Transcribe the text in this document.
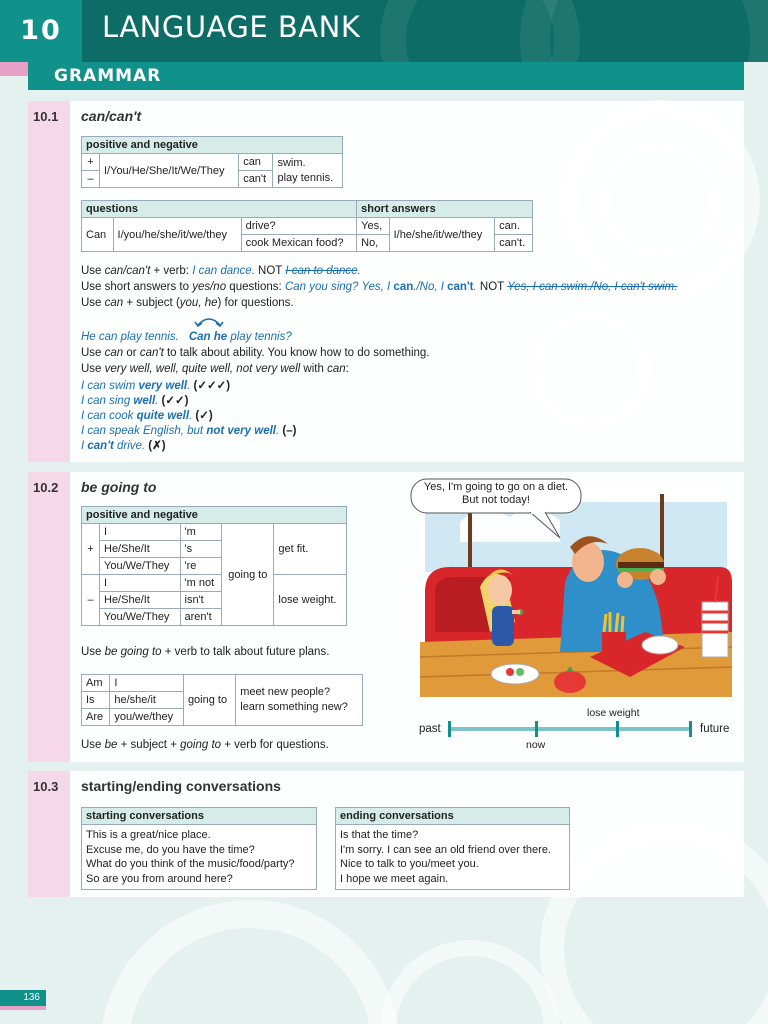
10	LANGUAGE BANK
GRAMMAR
10.1 can/can't
positive and negative			
+	I/You/He/She/It/We/They	can	swim.
play tennis.
–		can't	
questions			short answers		
Can	I/you/he/she/it/we/they	drive?	Yes,	I/he/she/it/we/they	can.
		cook Mexican food?	No,		can't.
Use can/can't + verb: I can dance. NOT I can to dance.
Use short answers to yes/no questions: Can you sing? Yes, I can./No, I can't. NOT Yes, I can swim./No, I can't swim.
Use can + subject (you, he) for questions.
He can play tennis. Can he play tennis?
Use can or can't to talk about ability. You know how to do something.
Use very well, well, quite well, not very well with can:
I can swim very well. (✓✓✓)
I can sing well. (✓✓)
I can cook quite well. (✓)
I can speak English, but not very well. (–)
I can't drive. (✗)
10.2 be going to
positive and negative				
+	I	'm	going to	get fit.
	He/She/It	's		
	You/We/They	're		
–	I	'm not		lose weight.
	He/She/It	isn't		
	You/We/They	aren't		
Use be going to + verb to talk about future plans.
Am	I	going to	meet new people?
learn something new?
Is	he/she/it		
Are	you/we/they		
Use be + subject + going to + verb for questions.
Yes, I'm going to go on a diet.
But not today!
past	future
now
lose weight
10.3 starting/ending conversations
starting conversations

This is a great/nice place.
Excuse me, do you have the time?
What do you think of the music/food/party?
So are you from around here?
ending conversations

Is that the time?
I'm sorry. I can see an old friend over there.
Nice to talk to you/meet you.
I hope we meet again.
136
